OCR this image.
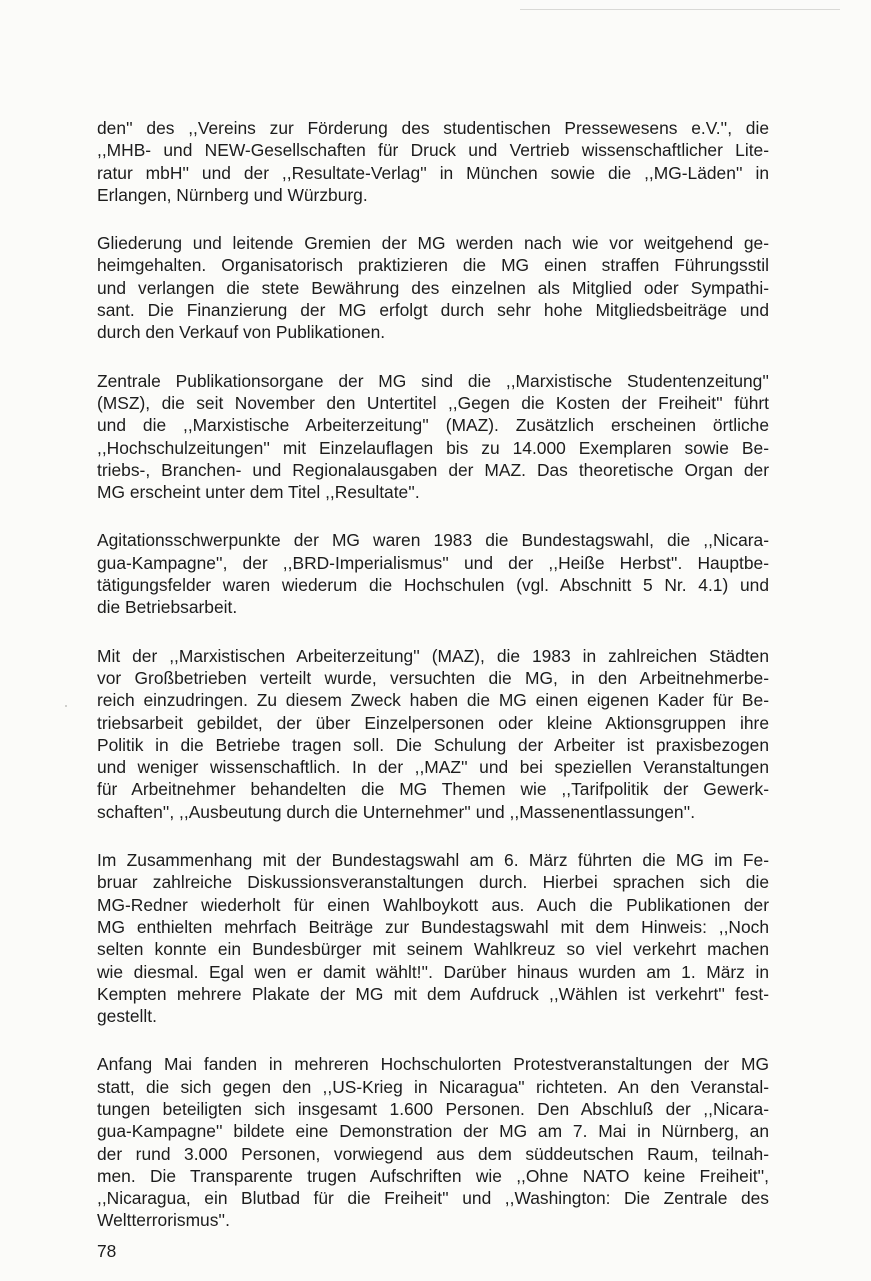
den'' des ,,Vereins zur Förderung des studentischen Pressewesens e.V.'', die
,,MHB- und NEW-Gesellschaften für Druck und Vertrieb wissenschaftlicher Lite-
ratur mbH'' und der ,,Resultate-Verlag'' in München sowie die ,,MG-Läden'' in
Erlangen, Nürnberg und Würzburg.
Gliederung und leitende Gremien der MG werden nach wie vor weitgehend ge-
heimgehalten. Organisatorisch praktizieren die MG einen straffen Führungsstil
und verlangen die stete Bewährung des einzelnen als Mitglied oder Sympathi-
sant. Die Finanzierung der MG erfolgt durch sehr hohe Mitgliedsbeiträge und
durch den Verkauf von Publikationen.
Zentrale Publikationsorgane der MG sind die ,,Marxistische Studentenzeitung''
(MSZ), die seit November den Untertitel ,,Gegen die Kosten der Freiheit'' führt
und die ,,Marxistische Arbeiterzeitung'' (MAZ). Zusätzlich erscheinen örtliche
,,Hochschulzeitungen'' mit Einzelauflagen bis zu 14.000 Exemplaren sowie Be-
triebs-, Branchen- und Regionalausgaben der MAZ. Das theoretische Organ der
MG erscheint unter dem Titel ,,Resultate''.
Agitationsschwerpunkte der MG waren 1983 die Bundestagswahl, die ,,Nicara-
gua-Kampagne'', der ,,BRD-Imperialismus'' und der ,,Heiße Herbst''. Hauptbe-
tätigungsfelder waren wiederum die Hochschulen (vgl. Abschnitt 5 Nr. 4.1) und
die Betriebsarbeit.
Mit der ,,Marxistischen Arbeiterzeitung'' (MAZ), die 1983 in zahlreichen Städten
vor Großbetrieben verteilt wurde, versuchten die MG, in den Arbeitnehmerbe-
reich einzudringen. Zu diesem Zweck haben die MG einen eigenen Kader für Be-
triebsarbeit gebildet, der über Einzelpersonen oder kleine Aktionsgruppen ihre
Politik in die Betriebe tragen soll. Die Schulung der Arbeiter ist praxisbezogen
und weniger wissenschaftlich. In der ,,MAZ'' und bei speziellen Veranstaltungen
für Arbeitnehmer behandelten die MG Themen wie ,,Tarifpolitik der Gewerk-
schaften'', ,,Ausbeutung durch die Unternehmer'' und ,,Massenentlassungen''.
Im Zusammenhang mit der Bundestagswahl am 6. März führten die MG im Fe-
bruar zahlreiche Diskussionsveranstaltungen durch. Hierbei sprachen sich die
MG-Redner wiederholt für einen Wahlboykott aus. Auch die Publikationen der
MG enthielten mehrfach Beiträge zur Bundestagswahl mit dem Hinweis: ,,Noch
selten konnte ein Bundesbürger mit seinem Wahlkreuz so viel verkehrt machen
wie diesmal. Egal wen er damit wählt!''. Darüber hinaus wurden am 1. März in
Kempten mehrere Plakate der MG mit dem Aufdruck ,,Wählen ist verkehrt'' fest-
gestellt.
Anfang Mai fanden in mehreren Hochschulorten Protestveranstaltungen der MG
statt, die sich gegen den ,,US-Krieg in Nicaragua'' richteten. An den Veranstal-
tungen beteiligten sich insgesamt 1.600 Personen. Den Abschluß der ,,Nicara-
gua-Kampagne'' bildete eine Demonstration der MG am 7. Mai in Nürnberg, an
der rund 3.000 Personen, vorwiegend aus dem süddeutschen Raum, teilnah-
men. Die Transparente trugen Aufschriften wie ,,Ohne NATO keine Freiheit'',
,,Nicaragua, ein Blutbad für die Freiheit'' und ,,Washington: Die Zentrale des
Weltterrorismus''.
78
